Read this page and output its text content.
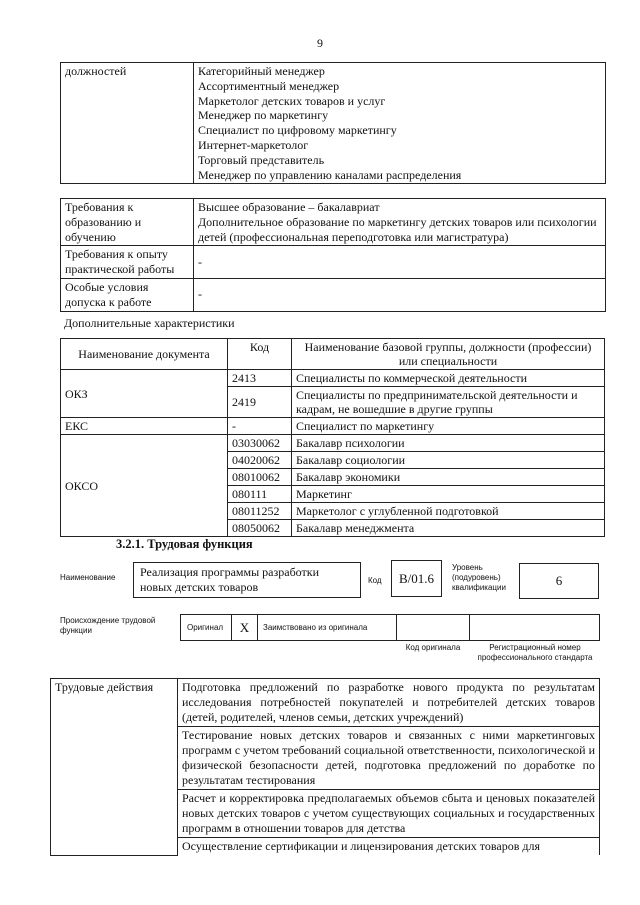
9
должностей	Категорийный менеджер
Ассортиментный менеджер
Маркетолог детских товаров и услуг
Менеджер по маркетингу
Специалист по цифровому маркетингу
Интернет-маркетолог
Торговый представитель
Менеджер по управлению каналами распределения
Требования к образованию и обучению	Высшее образование – бакалавриат
Дополнительное образование по маркетингу детских товаров или психологии детей (профессиональная переподготовка или магистратура)

Требования к опыту практической работы	-
Особые условия допуска к работе	-
Дополнительные характеристики
Наименование документа	Код	Наименование базовой группы, должности (профессии) или специальности
ОКЗ	2413	Специалисты по коммерческой деятельности
	2419	Специалисты по предпринимательской деятельности и кадрам, не вошедшие в другие группы
ЕКС	-	Специалист по маркетингу
ОКСО	03030062	Бакалавр психологии
	04020062	Бакалавр социологии
	08010062	Бакалавр экономики
	080111	Маркетинг
	08011252	Маркетолог с углубленной подготовкой
	08050062	Бакалавр менеджмента
3.2.1. Трудовая функция
Наименование	Реализация программы разработки новых детских товаров	Код	B/01.6
Уровень (подуровень) квалификации	6
Происхождение трудовой функции	Оригинал	X	Заимствовано из оригинала
Код оригинала	Регистрационный номер профессионального стандарта
Трудовые действия	Подготовка предложений по разработке нового продукта по результатам исследования потребностей покупателей и потребителей детских товаров (детей, родителей, членов семьи, детских учреждений)
Тестирование новых детских товаров и связанных с ними маркетинговых программ с учетом требований социальной ответственности, психологической и физической безопасности детей, подготовка предложений по доработке по результатам тестирования
Расчет и корректировка предполагаемых объемов сбыта и ценовых показателей новых детских товаров с учетом существующих социальных и государственных программ в отношении товаров для детства
Осуществление сертификации и лицензирования детских товаров для
